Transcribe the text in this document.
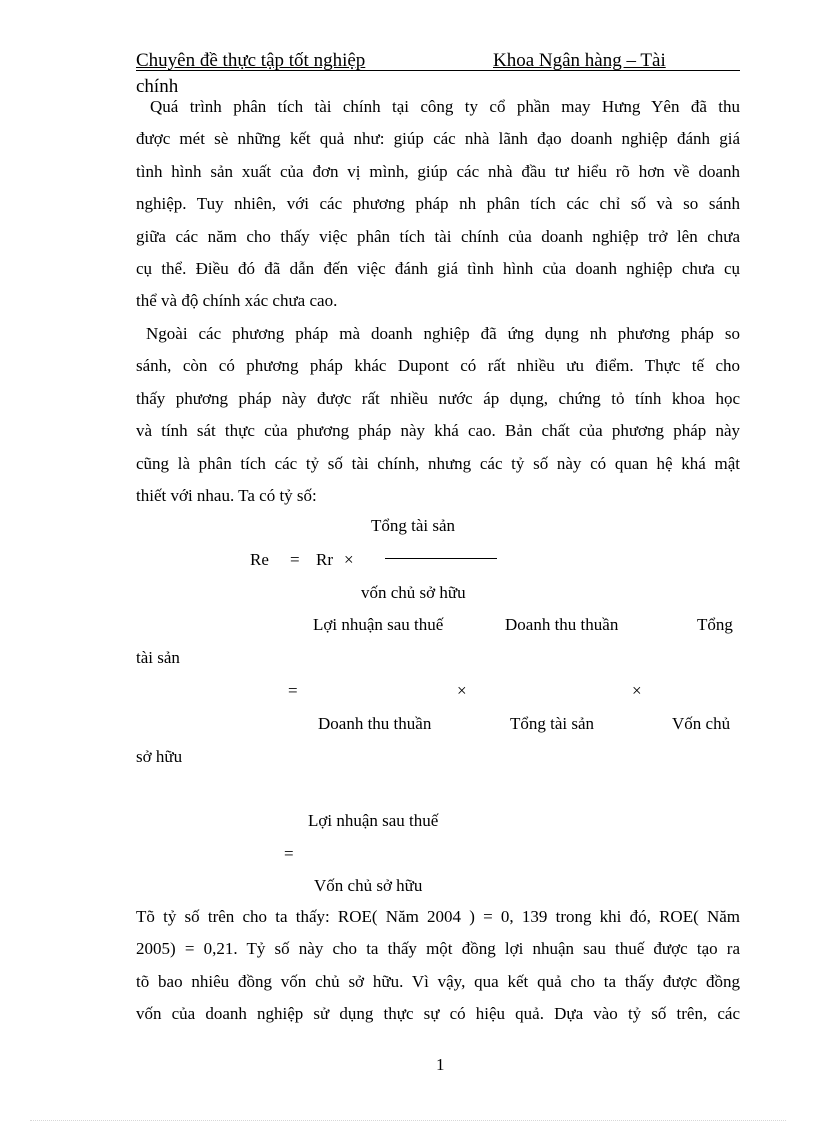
Chuyên đề thực tập tốt nghiệp	Khoa Ngân hàng – Tài
chính
Quá trình phân tích tài chính tại công ty cổ phần may Hưng Yên đã thu
được mét sè những kết quả như: giúp các nhà lãnh đạo doanh nghiệp đánh giá
tình hình sản xuất của đơn vị mình, giúp các nhà đầu tư hiểu rõ hơn về doanh
nghiệp. Tuy nhiên, với các phương pháp nh phân tích các chỉ số và so sánh
giữa các năm cho thấy việc phân tích tài chính của doanh nghiệp trở lên chưa
cụ thể. Điều đó đã dẫn đến việc đánh giá tình hình của doanh nghiệp chưa cụ
thể và độ chính xác chưa cao.
Ngoài các phương pháp mà doanh nghiệp đã ứng dụng nh phương pháp so
sánh, còn có phương pháp khác Dupont có rất nhiều ưu điểm. Thực tế cho
thấy phương pháp này được rất nhiều nước áp dụng, chứng tỏ tính khoa học
và tính sát thực của phương pháp này khá cao. Bản chất của phương pháp này
cũng là phân tích các tỷ số tài chính, nhưng các tỷ số này có quan hệ khá mật
thiết với nhau. Ta có tỷ số:
Tổng tài sản
Re = Rr ×
vốn chủ sở hữu
Lợi nhuận sau thuế	Doanh thu thuần	Tổng
tài sản
=	×	×
Doanh thu thuần	Tổng tài sản	Vốn chủ
sở hữu
Lợi nhuận sau thuế
=
Vốn chủ sở hữu
Tõ tỷ số trên cho ta thấy: ROE( Năm 2004 ) = 0, 139 trong khi đó, ROE( Năm
2005) = 0,21. Tỷ số này cho ta thấy một đồng lợi nhuận sau thuế được tạo ra
tõ bao nhiêu đồng vốn chủ sở hữu. Vì vậy, qua kết quả cho ta thấy được đồng
vốn của doanh nghiệp sử dụng thực sự có hiệu quả. Dựa vào tỷ số trên, các
1
